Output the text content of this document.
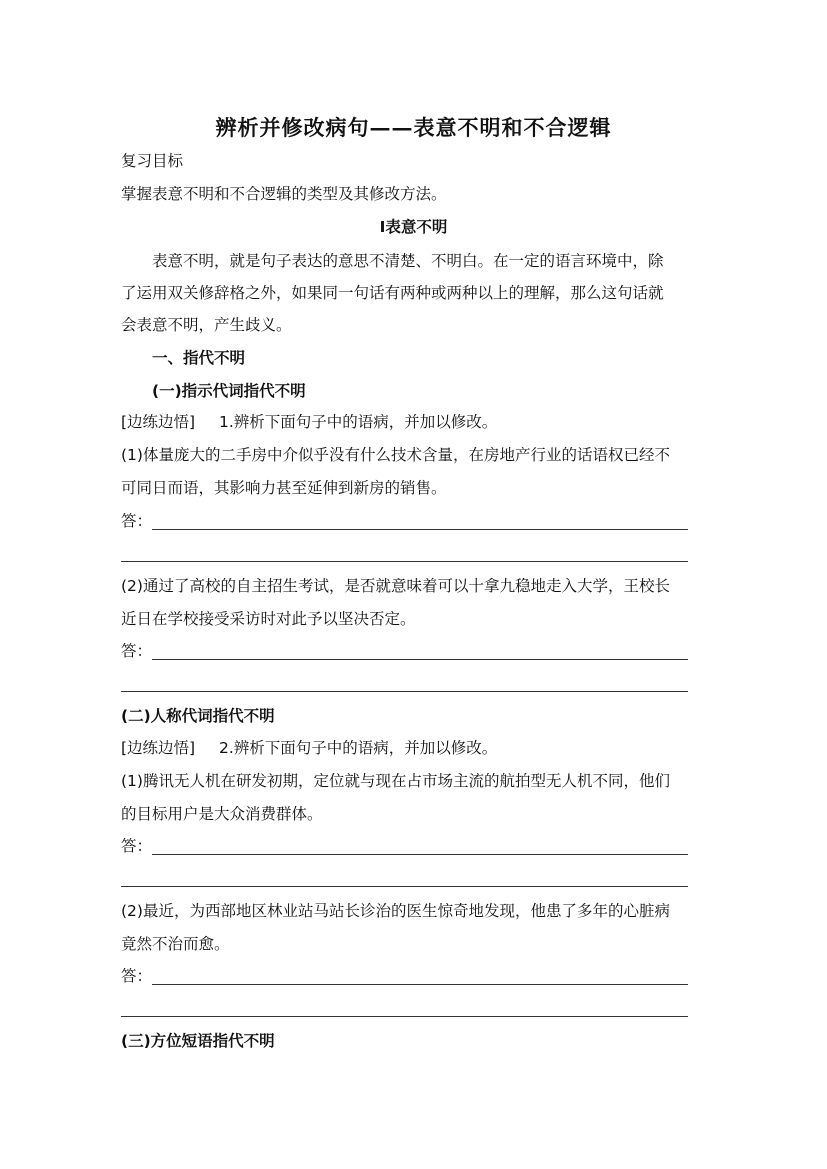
辨析并修改病句——表意不明和不合逻辑
复习目标
掌握表意不明和不合逻辑的类型及其修改方法。
Ⅰ表意不明
表意不明，就是句子表达的意思不清楚、不明白。在一定的语言环境中，除
了运用双关修辞格之外，如果同一句话有两种或两种以上的理解，那么这句话就
会表意不明，产生歧义。
一、指代不明
(一)指示代词指代不明
[边练边悟] 1.辨析下面句子中的语病，并加以修改。
(1)体量庞大的二手房中介似乎没有什么技术含量，在房地产行业的话语权已经不
可同日而语，其影响力甚至延伸到新房的销售。
答：
(2)通过了高校的自主招生考试，是否就意味着可以十拿九稳地走入大学，王校长
近日在学校接受采访时对此予以坚决否定。
答：
(二)人称代词指代不明
[边练边悟] 2.辨析下面句子中的语病，并加以修改。
(1)腾讯无人机在研发初期，定位就与现在占市场主流的航拍型无人机不同，他们
的目标用户是大众消费群体。
答：
(2)最近，为西部地区林业站马站长诊治的医生惊奇地发现，他患了多年的心脏病
竟然不治而愈。
答：
(三)方位短语指代不明
